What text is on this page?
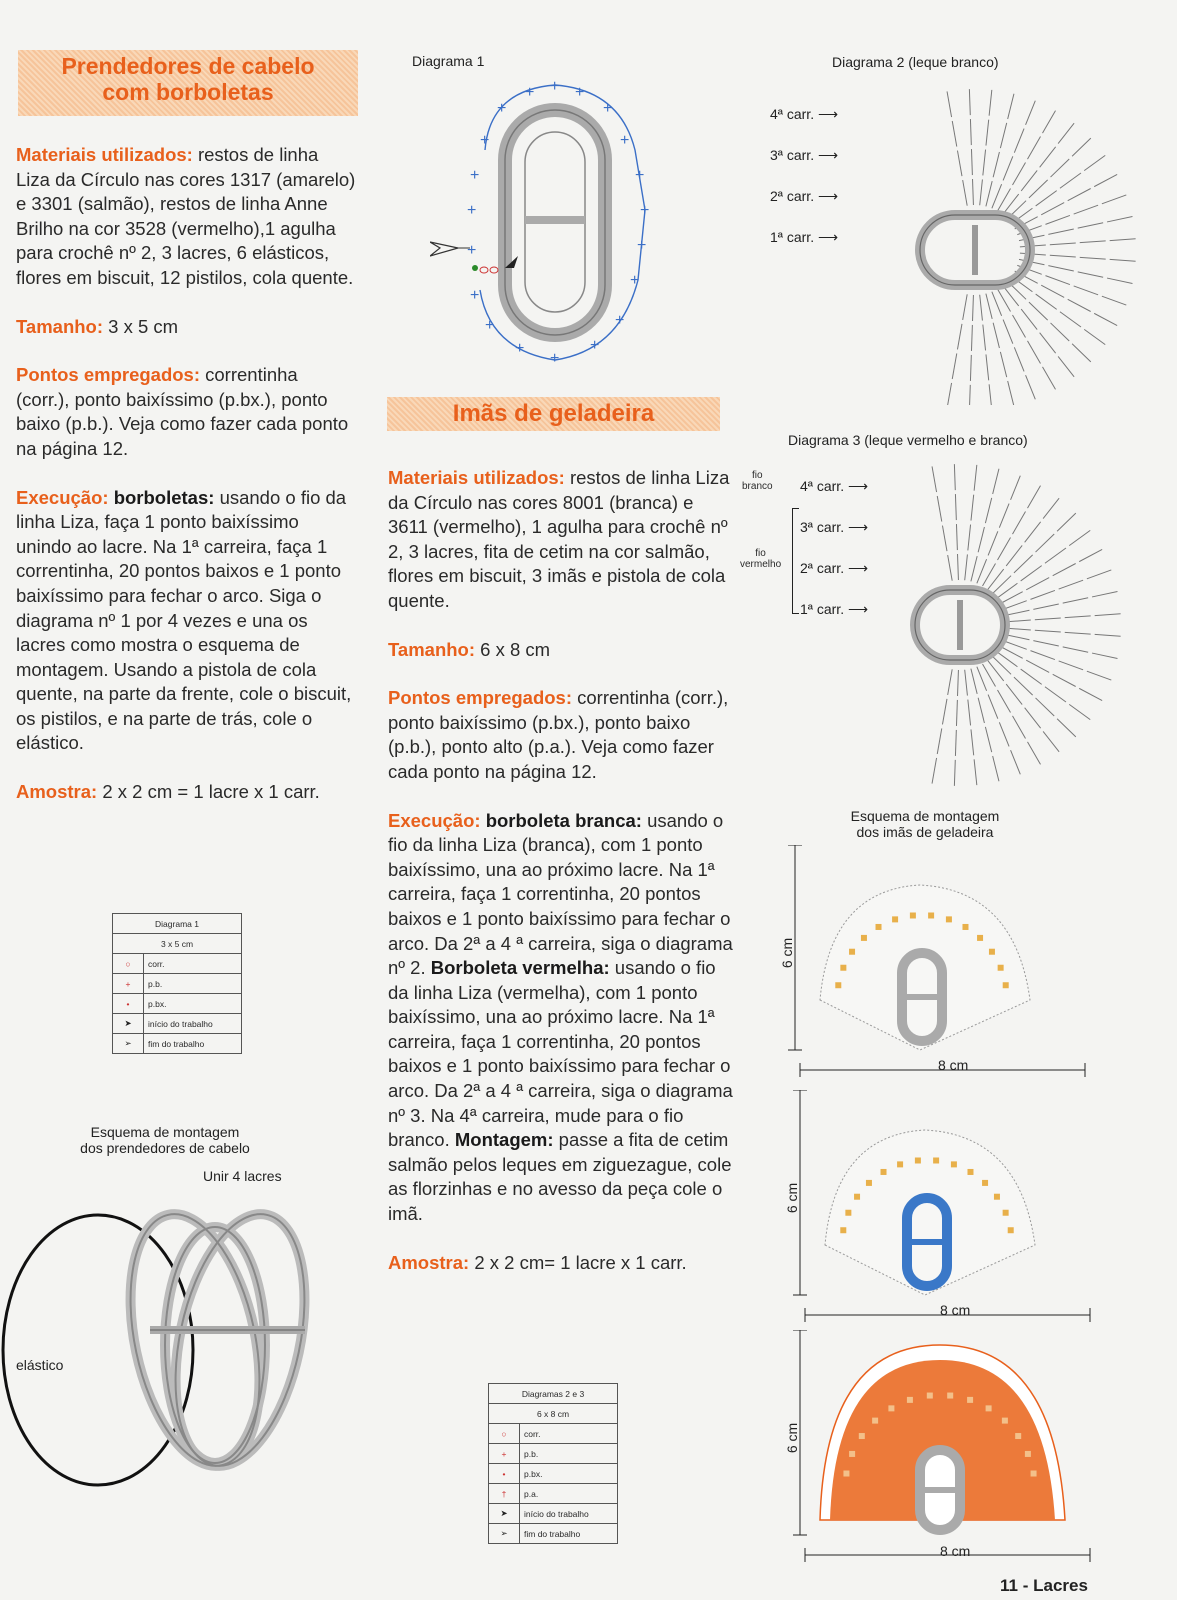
Prendedores de cabelo
com borboletas

Materiais utilizados: restos de linha Liza da Círculo nas cores 1317 (amarelo) e 3301 (salmão), restos de linha Anne Brilho na cor 3528 (vermelho),1 agulha para crochê nº 2, 3 lacres, 6 elásticos, flores em biscuit, 12 pistilos, cola quente.

Tamanho: 3 x 5 cm

Pontos empregados: correntinha (corr.), ponto baixíssimo (p.bx.), ponto baixo (p.b.). Veja como fazer cada ponto na página 12.

Execução: borboletas: usando o fio da linha Liza, faça 1 ponto baixíssimo unindo ao lacre. Na 1ª carreira, faça 1 correntinha, 20 pontos baixos e 1 ponto baixíssimo para fechar o arco. Siga o diagrama nº 1 por 4 vezes e una os lacres como mostra o esquema de montagem. Usando a pistola de cola quente, na parte da frente, cole o biscuit, os pistilos, e na parte de trás, cole o elástico.

Amostra: 2 x 2 cm = 1 lacre x 1 carr.

Diagrama 1	
3 x 5 cm	
○	corr.
+	p.b.
•	p.bx.
➤	início do trabalho
➢	fim do trabalho
Esquema de montagem
dos prendedores de cabelo
Unir 4 lacres
elástico
Diagrama 1
+
+
+ + +
+
+
+
+
+
+
+
+
+
+
+
+
+
+
+
Imãs de geladeira

Materiais utilizados: restos de linha Liza da Círculo nas cores 8001 (branca) e 3611 (vermelho), 1 agulha para crochê nº 2, 3 lacres, fita de cetim na cor salmão, flores em biscuit, 3 imãs e pistola de cola quente.

Tamanho: 6 x 8 cm

Pontos empregados: correntinha (corr.), ponto baixíssimo (p.bx.), ponto baixo (p.b.), ponto alto (p.a.). Veja como fazer cada ponto na página 12.

Execução: borboleta branca: usando o fio da linha Liza (branca), com 1 ponto baixíssimo, una ao próximo lacre. Na 1ª carreira, faça 1 correntinha, 20 pontos baixos e 1 ponto baixíssimo para fechar o arco. Da 2ª a 4 ª carreira, siga o diagrama nº 2. Borboleta vermelha: usando o fio da linha Liza (vermelha), com 1 ponto baixíssimo, una ao próximo lacre. Na 1ª carreira, faça 1 correntinha, 20 pontos baixos e 1 ponto baixíssimo para fechar o arco. Da 2ª a 4 ª carreira, siga o diagrama nº 3. Na 4ª carreira, mude para o fio branco. Montagem: passe a fita de cetim salmão pelos leques em ziguezague, cole as florzinhas e no avesso da peça cole o imã.

Amostra: 2 x 2 cm= 1 lacre x 1 carr.

Diagramas 2 e 3	
6 x 8 cm	
○	corr.
+	p.b.
•	p.bx.
†	p.a.
➤	início do trabalho
➢	fim do trabalho
Diagrama 2 (leque branco)
4ª carr. ⟶
3ª carr. ⟶
2ª carr. ⟶
1ª carr. ⟶
Diagrama 3 (leque vermelho e branco)
fio
branco
fio
vermelho
4ª carr. ⟶
3ª carr. ⟶
2ª carr. ⟶
1ª carr. ⟶
Esquema de montagem
dos imãs de geladeira
6 cm
8 cm
6 cm
8 cm
6 cm
8 cm
11 - Lacres
